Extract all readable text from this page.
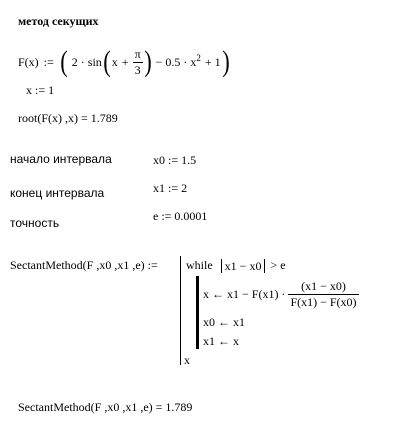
метод секущих
F(x) := ( 2 · sin ( $x + \frac{\pi}{3}$ ) − $0.5 \cdot x^2 + 1$ )
x := 1
root(F(x) ,x) = 1.789
начало интервала
конец интервала
точность
x0 := 1.5
x1 := 2
e := 0.0001
SectantMethod(F ,x0 ,x1 ,e) := while	x1 − x0 > e
x ← $x1 - F(x1) \cdot \frac{(x1 - x0)}{F(x1) - F(x0)}$
x0 ← x1
x1 ← x
x
SectantMethod(F ,x0 ,x1 ,e) = 1.789
